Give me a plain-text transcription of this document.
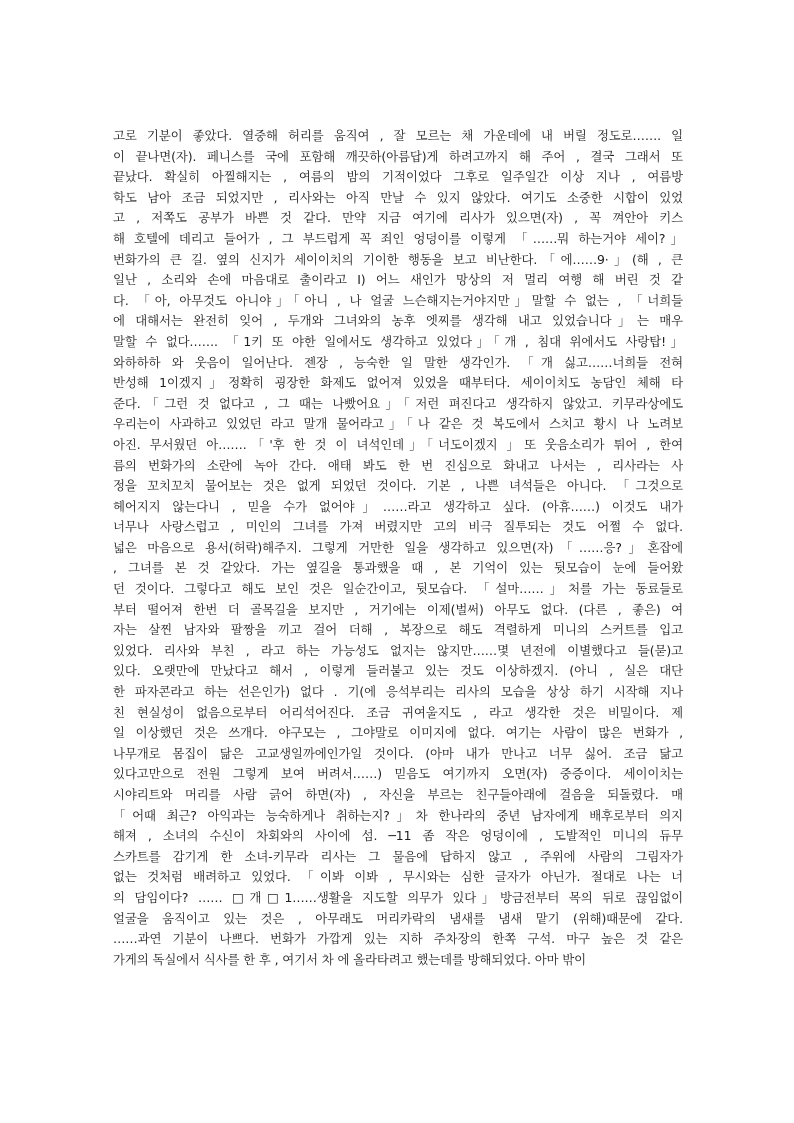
고로 기분이 좋았다. 열중해 허리를 움직여 , 잘 모르는 채 가운데에 내 버릴 정도로……. 일
이 끝나면(자). 페니스를 국에 포함해 깨끗하(아름답)게 하려고까지 해 주어 , 결국 그래서 또
끝났다. 확실히 아찔해지는 , 여름의 밤의 기적이었다 그후로 일주일간 이상 지나 , 여름방
학도 남아 조금 되었지만 , 리사와는 아직 만날 수 있지 않았다. 여기도 소중한 시합이 있었
고 , 저쪽도 공부가 바쁜 것 같다. 만약 지금 여기에 리사가 있으면(자) , 꼭 껴안아 키스
해 호텔에 데리고 들어가 , 그 부드럽게 꼭 죄인 엉덩이를 이렇게 「……뭐 하는거야 세이?」
번화가의 큰 길. 옆의 신지가 세이이치의 기이한 행동을 보고 비난한다.「에……9·」(해 , 큰
일난 , 소리와 손에 마음대로 출이라고 I) 어느 새인가 망상의 저 멀리 여행 해 버린 것 같
다. 「아, 아무것도 아니야」「아니 , 나 얼굴 느슨해지는거야지만」말할 수 없는 , 「너희들
에 대해서는 완전히 잊어 , 두개와 그녀와의 농후 엣찌를 생각해 내고 있었습니다」는 매우
말할 수 없다……. 「1키 또 야한 일에서도 생각하고 있었다」「개 , 침대 위에서도 사랑탑!」
와하하하 와 웃음이 일어난다. 젠장 , 능숙한 일 말한 생각인가. 「개 싫고……너희들 전혀
반성해 1이겠지」정확히 굉장한 화제도 없어져 있었을 때부터다. 세이이치도 농담인 체해 타
준다.「그런 것 없다고 , 그 때는 나빴어요」「저런 펴진다고 생각하지 않았고. 키무라상에도
우리는이 사과하고 있었던 라고 말개 물어라고」「나 같은 것 복도에서 스치고 황시 나 노려보
아진. 무서웠던 아…….「'후 한 것 이 녀석인데」「너도이겠지 」또 웃음소리가 튀어 , 한여
름의 번화가의 소란에 녹아 간다. 애태 봐도 한 번 진심으로 화내고 나서는 , 리사라는 사
정을 꼬치꼬치 물어보는 것은 없게 되었던 것이다. 기본 , 나쁜 녀석들은 아니다. 「그것으로
헤어지지 않는다니 , 믿을 수가 없어야」……라고 생각하고 싶다. (아휴……) 이것도 내가
너무나 사랑스럽고 , 미인의 그녀를 가져 버렸지만 고의 비극 질투되는 것도 어쩔 수 없다.
넓은 마음으로 용서(허락)해주지. 그렇게 거만한 일을 생각하고 있으면(자)「……응?」혼잡에
, 그녀를 본 것 같았다. 가는 옆길을 통과했을 때 , 본 기억이 있는 뒷모습이 눈에 들어왔
던 것이다. 그렇다고 해도 보인 것은 일순간이고, 뒷모습다. 「설마……」처를 가는 동료들로
부터 떨어져 한번 더 골목길을 보지만 , 거기에는 이제(벌써) 아무도 없다. (다른 , 좋은) 여
자는 살찐 남자와 팔짱을 끼고 걸어 더해 , 복장으로 해도 격렬하게 미니의 스커트를 입고
있었다. 리사와 부친 , 라고 하는 가능성도 없지는 않지만……몇 년전에 이별했다고 들(묻)고
있다. 오랫만에 만났다고 해서 , 이렇게 들러붙고 있는 것도 이상하겠지. (아니 , 실은 대단
한 파자콘라고 하는 선은인가) 없다 . 기(에 응석부리는 리사의 모습을 상상 하기 시작해 지나
친 현실성이 없음으로부터 어리석어진다. 조금 귀여울지도 , 라고 생각한 것은 비밀이다. 제
일 이상했던 것은 쓰개다. 야구모는 , 그야말로 이미지에 없다. 여기는 사람이 많은 번화가 ,
나무개로 몸집이 닮은 고교생일까에인가일 것이다. (아마 내가 만나고 너무 싫어. 조금 닮고
있다고만으로 전원 그렇게 보여 버려서……) 믿음도 여기까지 오면(자) 중증이다. 세이이치는
시야리트와 머리를 사람 긁어 하면(자) , 자신을 부르는 친구들아래에 걸음을 되돌렸다. 매
「어때 최근? 아익과는 능숙하게나 취하는지?」차 한나라의 중년 남자에게 배후로부터 의지
해져 , 소녀의 수신이 차회와의 사이에 섬. ─11 좀 작은 엉덩이에 , 도발적인 미니의 듀무
스카트를 감기게 한 소녀-키무라 리사는 그 물음에 답하지 않고 , 주위에 사람의 그림자가
없는 것처럼 배려하고 있었다. 「이봐 이봐 , 무시와는 심한 글자가 아닌가. 절대로 나는 너
의 담임이다? …… □개□1……생활을 지도할 의무가 있다」방금전부터 목의 뒤로 끊임없이
얼굴을 움직이고 있는 것은 , 아무래도 머리카락의 냄새를 냄새 맡기 (위해)때문에 같다.
……과연 기분이 나쁘다. 번화가 가깝게 있는 지하 주차장의 한쪽 구석. 마구 높은 것 같은
가게의 독실에서 식사를 한 후 , 여기서 차 에 올라타려고 했는데를 방해되었다. 아마 밖이
